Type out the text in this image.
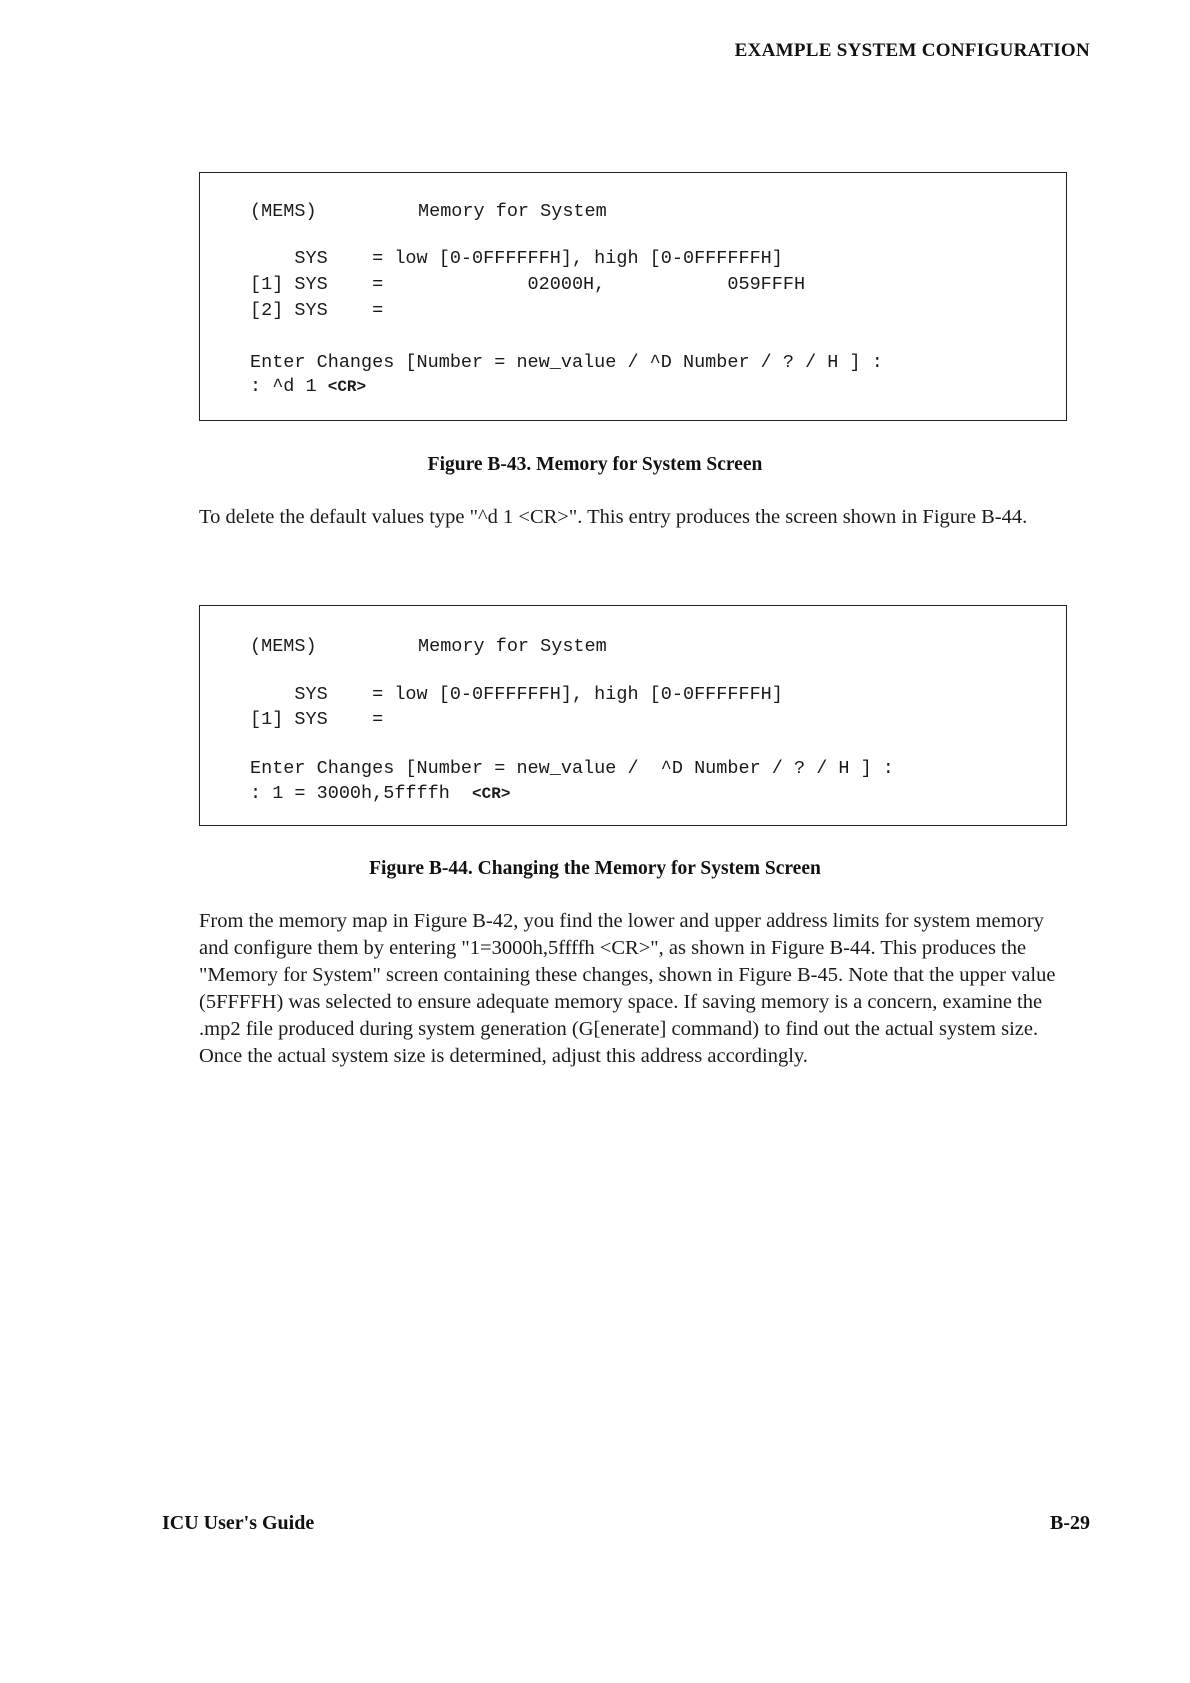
EXAMPLE SYSTEM CONFIGURATION
(MEMS)	Memory for System
SYS    = low [0-0FFFFFFH], high [0-0FFFFFFH]
[1] SYS    =             02000H,           059FFFH
[2] SYS    =
Enter Changes [Number = new_value / ^D Number / ? / H ] :
: ^d 1 <CR>
Figure B-43. Memory for System Screen
To delete the default values type "^d 1 <CR>". This entry produces the screen shown in Figure B-44.
(MEMS)	Memory for System
SYS    = low [0-0FFFFFFH], high [0-0FFFFFFH]
[1] SYS    =
Enter Changes [Number = new_value /  ^D Number / ? / H ] :
: 1 = 3000h,5ffffh  <CR>
Figure B-44. Changing the Memory for System Screen
From the memory map in Figure B-42, you find the lower and upper address limits for system memory and configure them by entering "1=3000h,5ffffh <CR>", as shown in Figure B-44. This produces the "Memory for System" screen containing these changes, shown in Figure B-45. Note that the upper value (5FFFFH) was selected to ensure adequate memory space. If saving memory is a concern, examine the .mp2 file produced during system generation (G[enerate] command) to find out the actual system size. Once the actual system size is determined, adjust this address accordingly.
ICU User's Guide	B-29
